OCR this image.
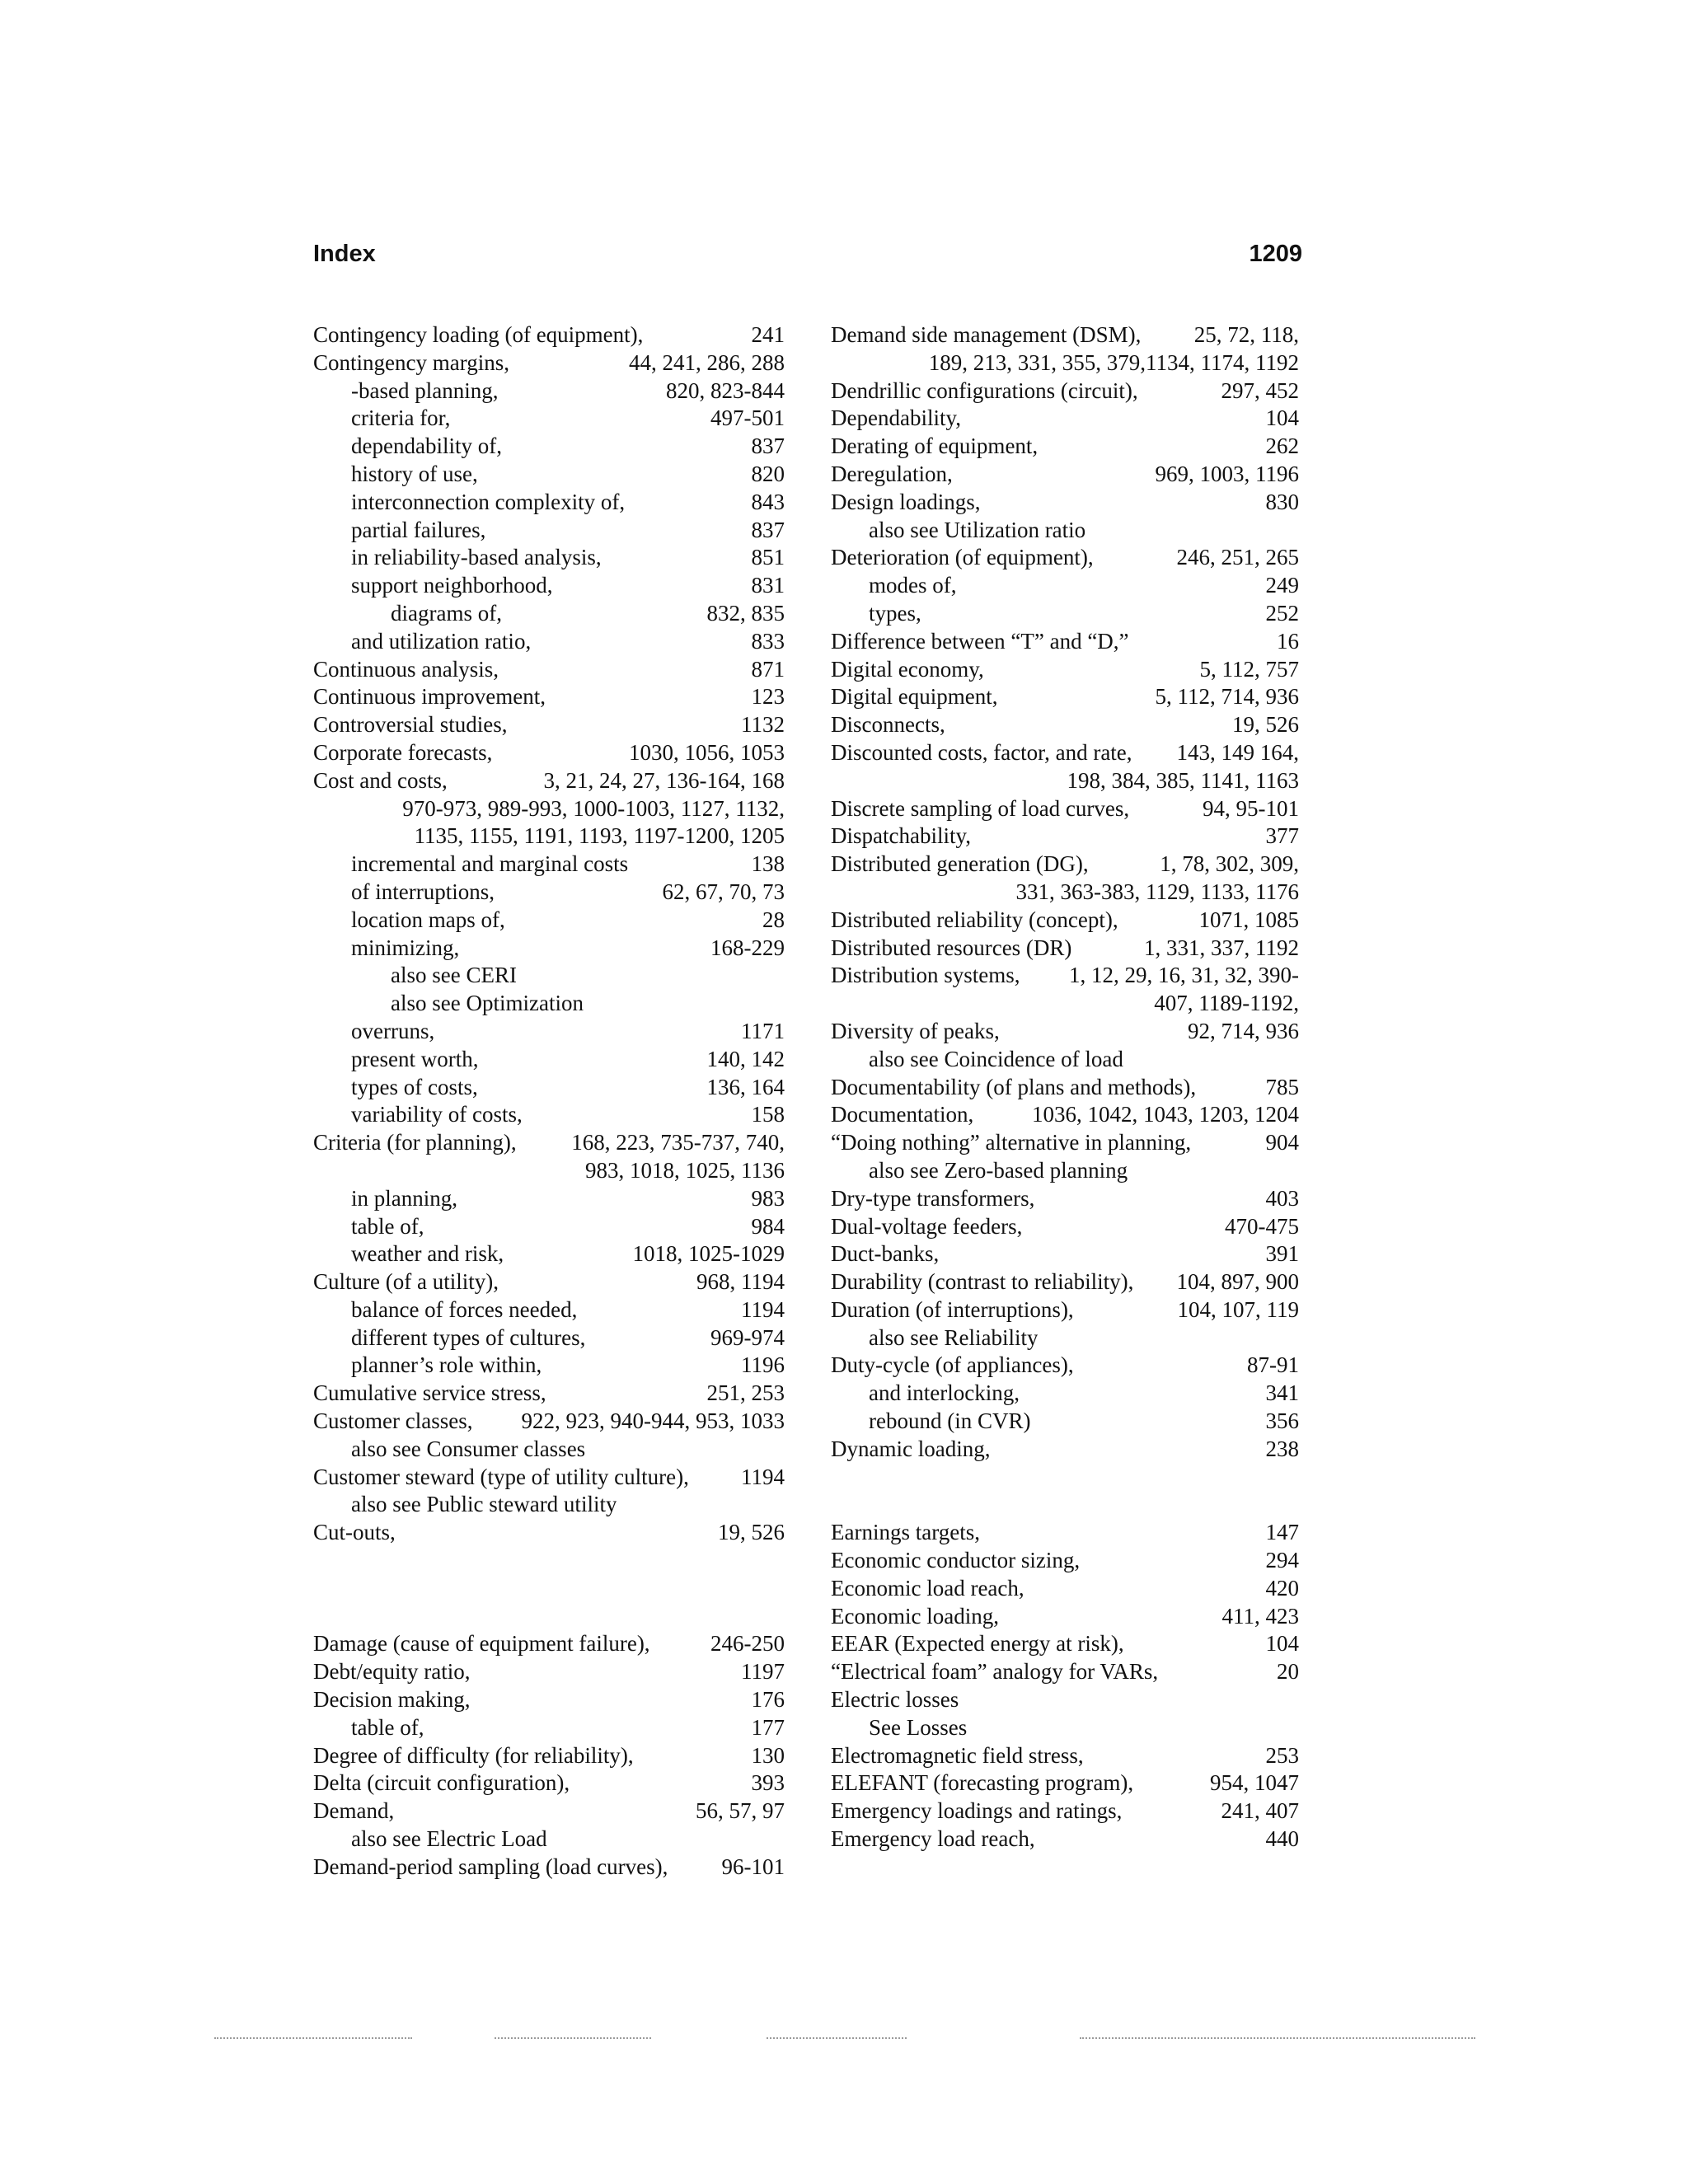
Index	1209
Contingency loading (of equipment),	241
Contingency margins,	44, 241, 286, 288
-based planning,	820, 823-844
criteria for,	497-501
dependability of,	837
history of use,	820
interconnection complexity of,	843
partial failures,	837
in reliability-based analysis,	851
support neighborhood,	831
diagrams of,	832, 835
and utilization ratio,	833
Continuous analysis,	871
Continuous improvement,	123
Controversial studies,	1132
Corporate forecasts,	1030, 1056, 1053
Cost and costs,	3, 21, 24, 27, 136-164, 168
970-973, 989-993, 1000-1003, 1127, 1132,
1135, 1155, 1191, 1193, 1197-1200, 1205
incremental and marginal costs	138
of interruptions,	62, 67, 70, 73
location maps of,	28
minimizing,	168-229
also see CERI
also see Optimization
overruns,	1171
present worth,	140, 142
types of costs,	136, 164
variability of costs,	158
Criteria (for planning),	168, 223, 735-737, 740,
983, 1018, 1025, 1136
in planning,	983
table of,	984
weather and risk,	1018, 1025-1029
Culture (of a utility),	968, 1194
balance of forces needed,	1194
different types of cultures,	969-974
planner’s role within,	1196
Cumulative service stress,	251, 253
Customer classes,	922, 923, 940-944, 953, 1033
also see Consumer classes
Customer steward (type of utility culture),	1194
also see Public steward utility
Cut-outs,	19, 526
Damage (cause of equipment failure),	246-250
Debt/equity ratio,	1197
Decision making,	176
table of,	177
Degree of difficulty (for reliability),	130
Delta (circuit configuration),	393
Demand,	56, 57, 97
also see Electric Load
Demand-period sampling (load curves),	96-101
Demand side management (DSM),	25, 72, 118,
189, 213, 331, 355, 379,1134, 1174, 1192
Dendrillic configurations (circuit),	297, 452
Dependability,	104
Derating of equipment,	262
Deregulation,	969, 1003, 1196
Design loadings,	830
also see Utilization ratio
Deterioration (of equipment),	246, 251, 265
modes of,	249
types,	252
Difference between “T” and “D,”	16
Digital economy,	5, 112, 757
Digital equipment,	5, 112, 714, 936
Disconnects,	19, 526
Discounted costs, factor, and rate,	143, 149 164,
198, 384, 385, 1141, 1163
Discrete sampling of load curves,	94, 95-101
Dispatchability,	377
Distributed generation (DG),	1, 78, 302, 309,
331, 363-383, 1129, 1133, 1176
Distributed reliability (concept),	1071, 1085
Distributed resources (DR)	1, 331, 337, 1192
Distribution systems,	1, 12, 29, 16, 31, 32, 390-
407, 1189-1192,
Diversity of peaks,	92, 714, 936
also see Coincidence of load
Documentability (of plans and methods),	785
Documentation,	1036, 1042, 1043, 1203, 1204
“Doing nothing” alternative in planning,	904
also see Zero-based planning
Dry-type transformers,	403
Dual-voltage feeders,	470-475
Duct-banks,	391
Durability (contrast to reliability),	104, 897, 900
Duration (of interruptions),	104, 107, 119
also see Reliability
Duty-cycle (of appliances),	87-91
and interlocking,	341
rebound (in CVR)	356
Dynamic loading,	238
Earnings targets,	147
Economic conductor sizing,	294
Economic load reach,	420
Economic loading,	411, 423
EEAR (Expected energy at risk),	104
“Electrical foam” analogy for VARs,	20
Electric losses
See Losses
Electromagnetic field stress,	253
ELEFANT (forecasting program),	954, 1047
Emergency loadings and ratings,	241, 407
Emergency load reach,	440
